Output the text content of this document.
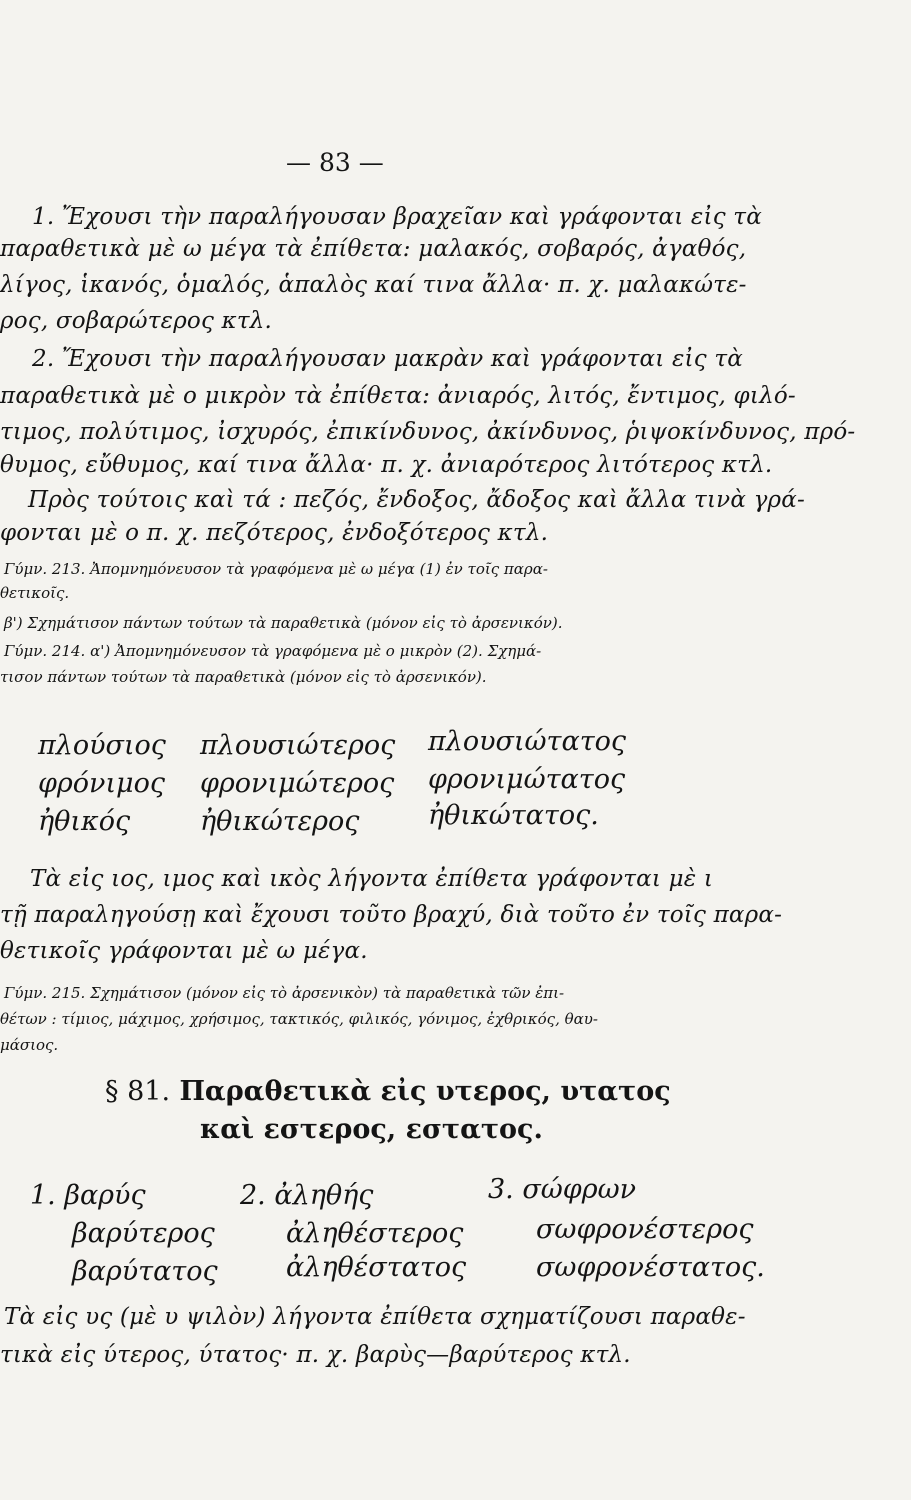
— 83 —

1. Ἔχουσι τὴν παραλήγουσαν βραχεῖαν καὶ γράφονται εἰς τὰ

παραθετικὰ μὲ ω μέγα τὰ ἐπίθετα: μαλακός, σοβαρός, ἀγαθός,

λίγος, ἱκανός, ὁμαλός, ἁπαλὸς καί τινα ἄλλα· π. χ. μαλακώτε-

ρος, σοβαρώτερος κτλ.

2. Ἔχουσι τὴν παραλήγουσαν μακρὰν καὶ γράφονται εἰς τὰ

παραθετικὰ μὲ ο μικρὸν τὰ ἐπίθετα: ἀνιαρός, λιτός, ἔντιμος, φιλό-

τιμος, πολύτιμος, ἰσχυρός, ἐπικίνδυνος, ἀκίνδυνος, ῥιψοκίνδυνος, πρό-

θυμος, εὔθυμος, καί τινα ἄλλα· π. χ. ἀνιαρότερος λιτότερος κτλ.

Πρὸς τούτοις καὶ τά : πεζός, ἔνδοξος, ἄδοξος καὶ ἄλλα τινὰ γρά-

φονται μὲ ο π. χ. πεζότερος, ἐνδοξότερος κτλ.

Γύμν. 213. Ἀπομνημόνευσον τὰ γραφόμενα μὲ ω μέγα (1) ἐν τοῖς παρα-

θετικοῖς.

β') Σχημάτισον πάντων τούτων τὰ παραθετικὰ (μόνον εἰς τὸ ἀρσενικόν).

Γύμν. 214. α') Ἀπομνημόνευσον τὰ γραφόμενα μὲ ο μικρὸν (2). Σχημά-

τισον πάντων τούτων τὰ παραθετικὰ (μόνον εἰς τὸ ἀρσενικόν).

πλούσιος πλουσιώτερος πλουσιώτατος

φρόνιμος φρονιμώτερος φρονιμώτατος

ἠθικός	ἠθικώτερος	ἠθικώτατος.

Τὰ εἰς ιος, ιμος καὶ ικὸς λήγοντα ἐπίθετα γράφονται μὲ ι

τῇ παραληγούσῃ καὶ ἔχουσι τοῦτο βραχύ, διὰ τοῦτο ἐν τοῖς παρα-

θετικοῖς γράφονται μὲ ω μέγα.

Γύμν. 215. Σχημάτισον (μόνον εἰς τὸ ἀρσενικὸν) τὰ παραθετικὰ τῶν ἐπι-

θέτων : τίμιος, μάχιμος, χρήσιμος, τακτικός, φιλικός, γόνιμος, ἐχθρικός, θαυ-

μάσιος.

§ 81. Παραθετικὰ εἰς υτερος, υτατος

καὶ εστερος, εστατος.

1. βαρύς	2. ἀληθής	3. σώφρων

βαρύτερος	ἀληθέστερος	σωφρονέστερος

βαρύτατος	ἀληθέστατος	σωφρονέστατος.

Τὰ εἰς υς (μὲ υ ψιλὸν) λήγοντα ἐπίθετα σχηματίζουσι παραθε-

τικὰ εἰς ύτερος, ύτατος· π. χ. βαρὺς—βαρύτερος κτλ.
